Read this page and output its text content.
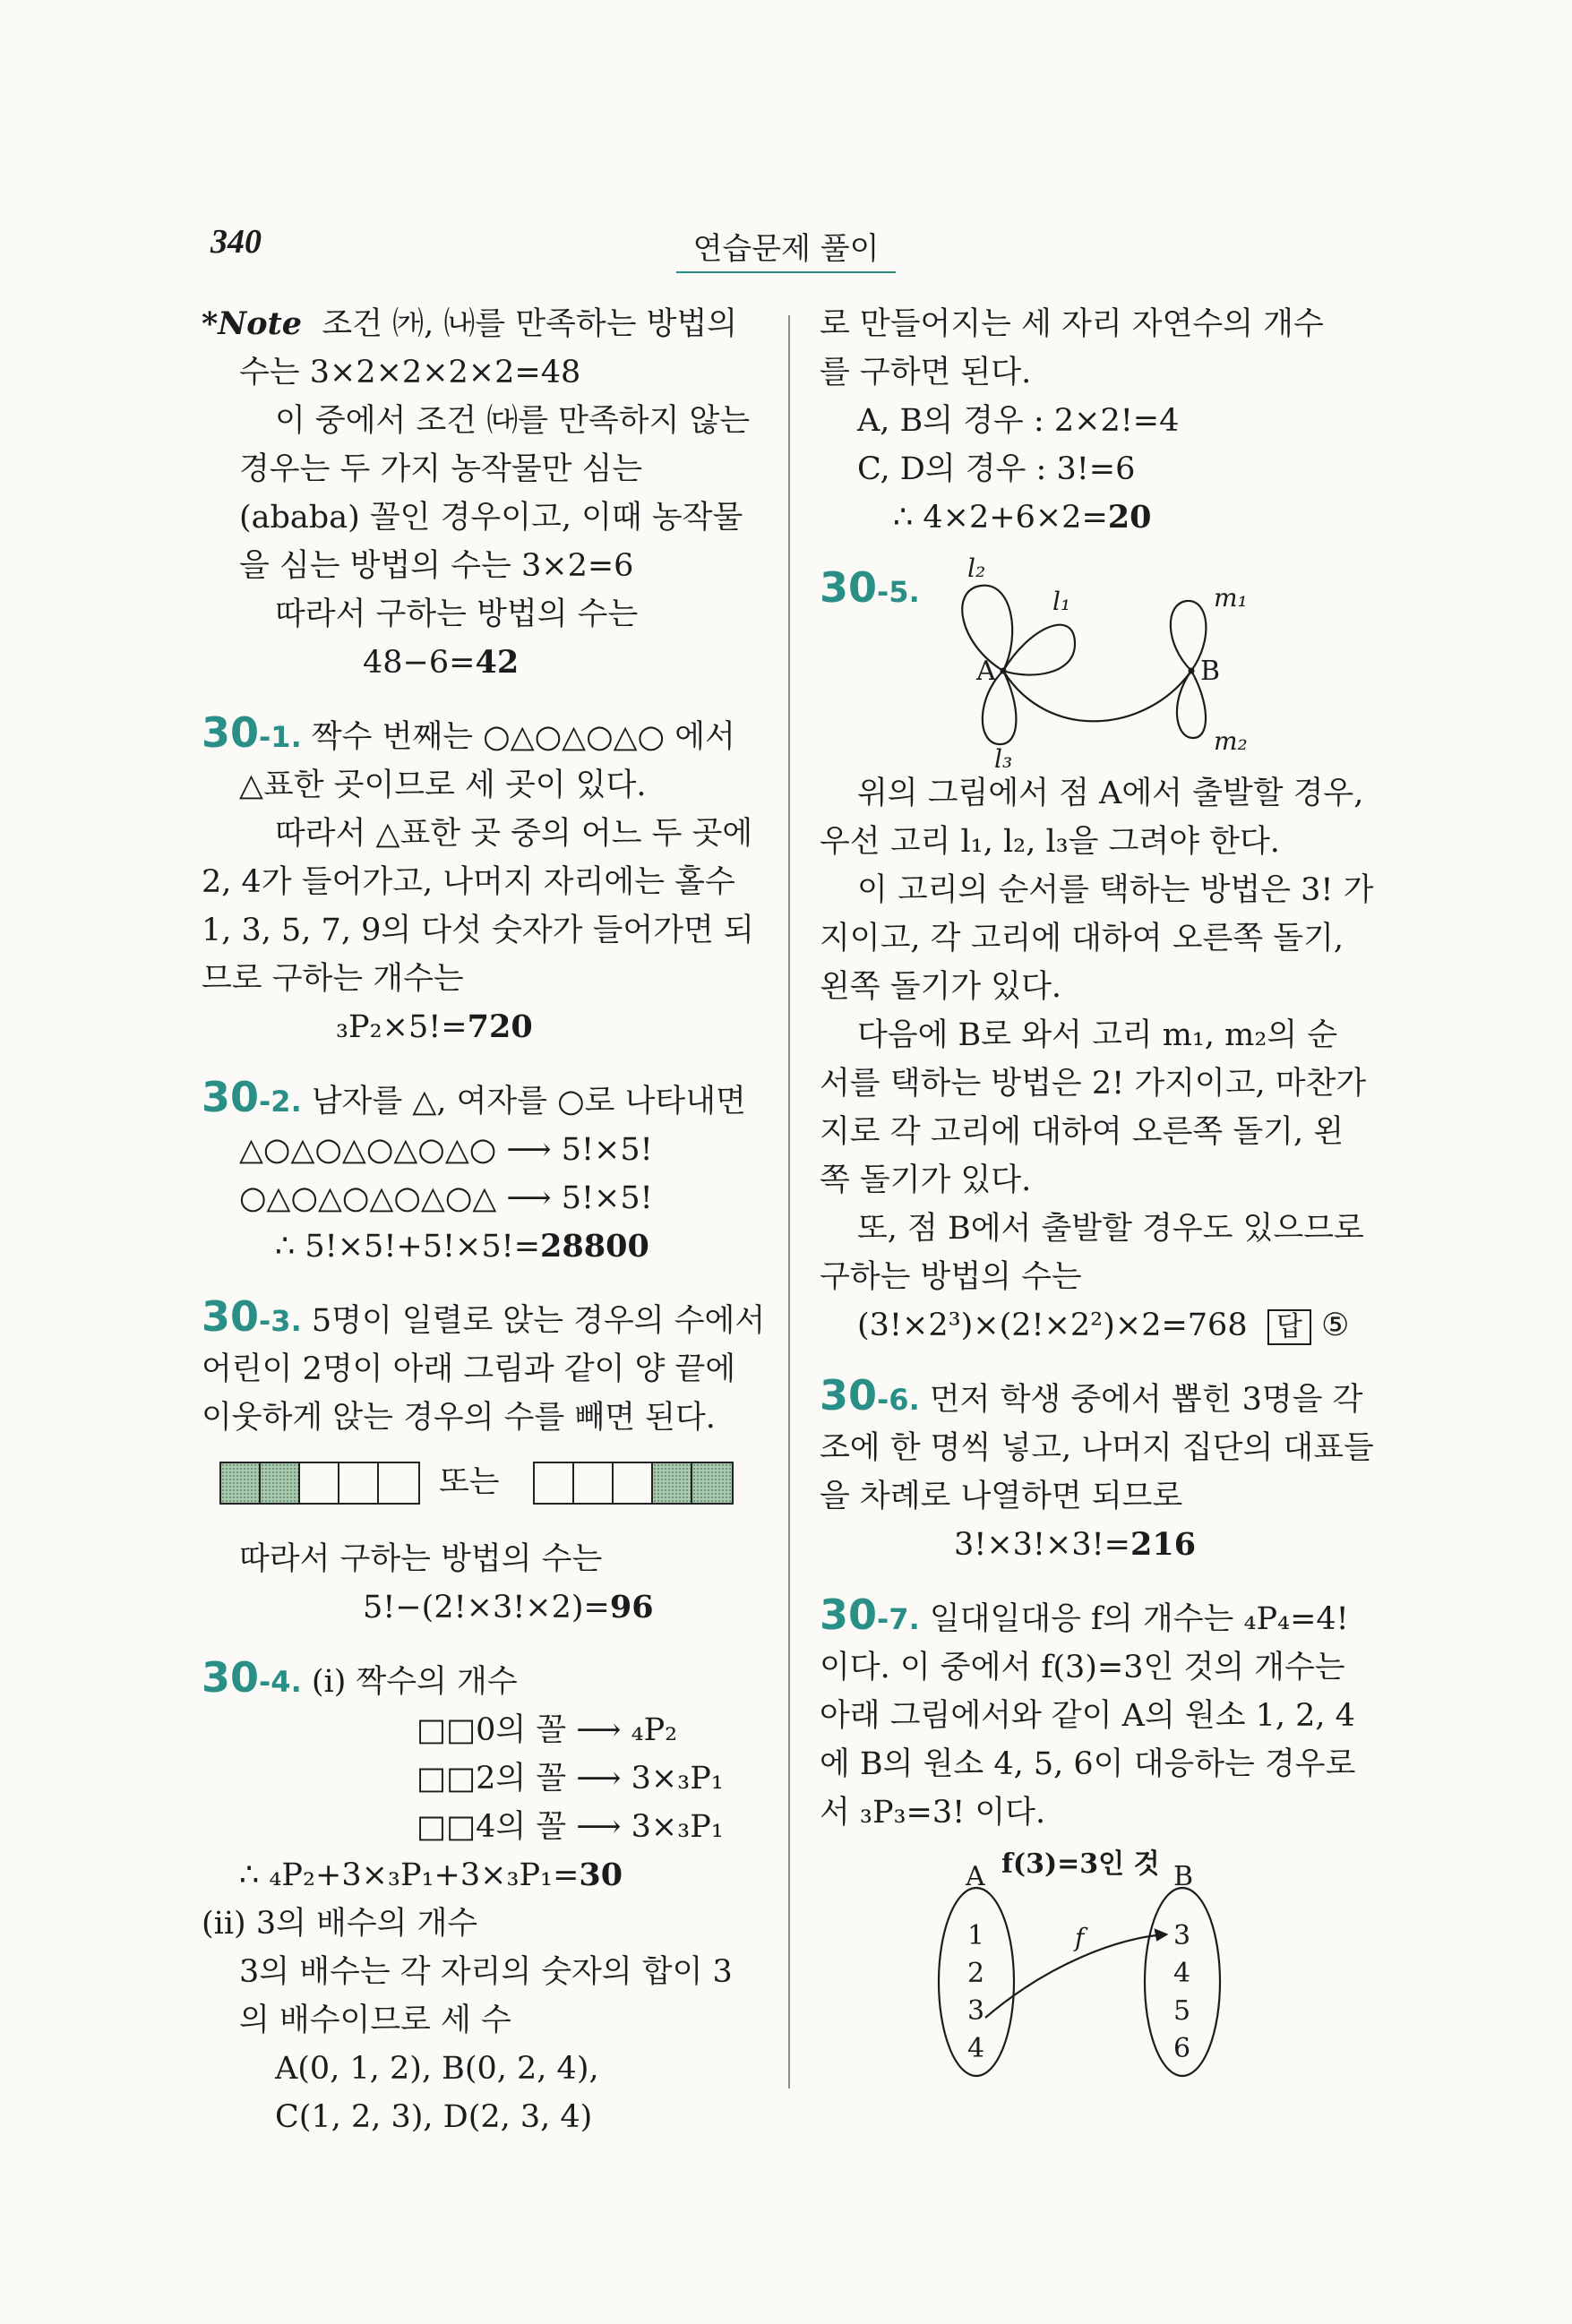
340	연습문제 풀이
*Note 조건 ㈎, ㈏를 만족하는 방법의
수는 3×2×2×2×2=48
이 중에서 조건 ㈐를 만족하지 않는
경우는 두 가지 농작물만 심는
(ababa) 꼴인 경우이고, 이때 농작물
을 심는 방법의 수는 3×2=6
따라서 구하는 방법의 수는
48−6=42
30-1. 짝수 번째는 ○△○△○△○ 에서
△표한 곳이므로 세 곳이 있다.
따라서 △표한 곳 중의 어느 두 곳에
2, 4가 들어가고, 나머지 자리에는 홀수
1, 3, 5, 7, 9의 다섯 숫자가 들어가면 되
므로 구하는 개수는
₃P₂×5!=720
30-2. 남자를 △, 여자를 ○로 나타내면
△○△○△○△○△○ ⟶ 5!×5!
○△○△○△○△○△ ⟶ 5!×5!
∴ 5!×5!+5!×5!=28800
30-3. 5명이 일렬로 앉는 경우의 수에서
어린이 2명이 아래 그림과 같이 양 끝에
이웃하게 앉는 경우의 수를 빼면 된다.
또는
따라서 구하는 방법의 수는
5!−(2!×3!×2)=96
30-4. (i) 짝수의 개수
□□0의 꼴 ⟶ ₄P₂
□□2의 꼴 ⟶ 3×₃P₁
□□4의 꼴 ⟶ 3×₃P₁
∴ ₄P₂+3×₃P₁+3×₃P₁=30
(ii) 3의 배수의 개수
3의 배수는 각 자리의 숫자의 합이 3
의 배수이므로 세 수
A(0, 1, 2), B(0, 2, 4),
C(1, 2, 3), D(2, 3, 4)
로 만들어지는 세 자리 자연수의 개수
를 구하면 된다.
A, B의 경우 : 2×2!=4
C, D의 경우 : 3!=6
∴ 4×2+6×2=20
30-5.
A	B
l₂
l₁
l₃
m₁
m₂
위의 그림에서 점 A에서 출발할 경우,
우선 고리 l₁, l₂, l₃을 그려야 한다.
이 고리의 순서를 택하는 방법은 3! 가
지이고, 각 고리에 대하여 오른쪽 돌기,
왼쪽 돌기가 있다.
다음에 B로 와서 고리 m₁, m₂의 순
서를 택하는 방법은 2! 가지이고, 마찬가
지로 각 고리에 대하여 오른쪽 돌기, 왼
쪽 돌기가 있다.
또, 점 B에서 출발할 경우도 있으므로
구하는 방법의 수는
(3!×2³)×(2!×2²)×2=768 답 ⑤
30-6. 먼저 학생 중에서 뽑힌 3명을 각
조에 한 명씩 넣고, 나머지 집단의 대표들
을 차례로 나열하면 되므로
3!×3!×3!=216
30-7. 일대일대응 f의 개수는 ₄P₄=4!
이다. 이 중에서 f(3)=3인 것의 개수는
아래 그림에서와 같이 A의 원소 1, 2, 4
에 B의 원소 4, 5, 6이 대응하는 경우로
서 ₃P₃=3! 이다.
A	B
f(3)=3인 것
f
1
2
3
4
3
4
5
6
